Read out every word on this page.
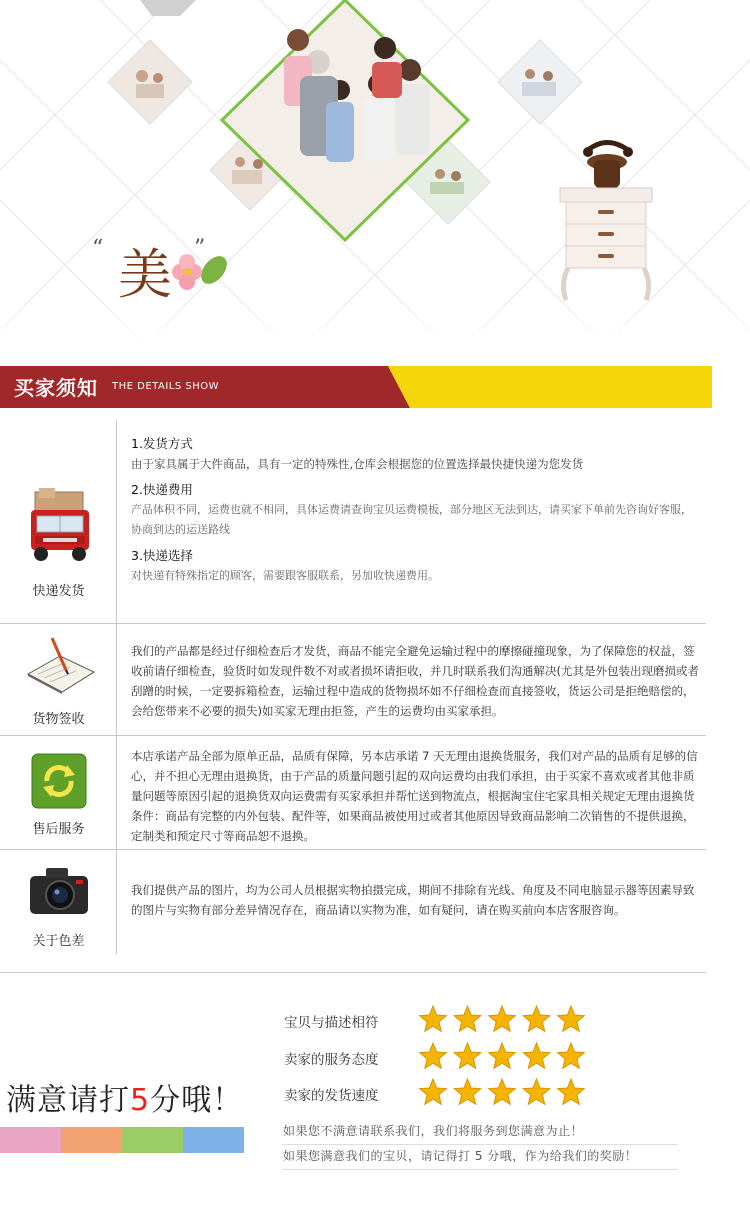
“ 美 ”
买家须知 THE DETAILS SHOW
快递发货
1.发货方式
由于家具属于大件商品，具有一定的特殊性,仓库会根据您的位置选择最快捷快递为您发货
2.快递费用
产品体积不同，运费也就不相同，具体运费请查询宝贝运费模板，部分地区无法到达，请买家下单前先咨询好客服，协商到达的运送路线
3.快递选择
对快递有特殊指定的顾客，需要跟客服联系，另加收快递费用。
货物签收
我们的产品都是经过仔细检查后才发货，商品不能完全避免运输过程中的摩擦碰撞现象，为了保障您的权益，签收前请仔细检查，验货时如发现件数不对或者损坏请拒收，并几时联系我们沟通解决(尤其是外包装出现磨损或者刮蹭的时候，一定要拆箱检查，运输过程中造成的货物损坏如不仔细检查而直接签收，货运公司是拒绝赔偿的，会给您带来不必要的损失)如买家无理由拒签，产生的运费均由买家承担。
售后服务
本店承诺产品全部为原单正品，品质有保障，另本店承诺 7 天无理由退换货服务，我们对产品的品质有足够的信心，并不担心无理由退换货，由于产品的质量问题引起的双向运费均由我们承担，由于买家不喜欢或者其他非质量问题等原因引起的退换货双向运费需有买家承担并帮忙送到物流点，根据淘宝住宅家具相关规定无理由退换货条件：商品有完整的内外包装、配件等，如果商品被使用过或者其他原因导致商品影响二次销售的不提供退换，定制类和预定尺寸等商品恕不退换。
关于色差
我们提供产品的图片，均为公司人员根据实物拍摄完成，期间不排除有光线、角度及不同电脑显示器等因素导致的图片与实物有部分差异情况存在，商品请以实物为准，如有疑问，请在购买前向本店客服咨询。
宝贝与描述相符
卖家的服务态度
卖家的发货速度
满意请打5分哦！
如果您不满意请联系我们，我们将服务到您满意为止！
如果您满意我们的宝贝，请记得打 5 分哦，作为给我们的奖励！
